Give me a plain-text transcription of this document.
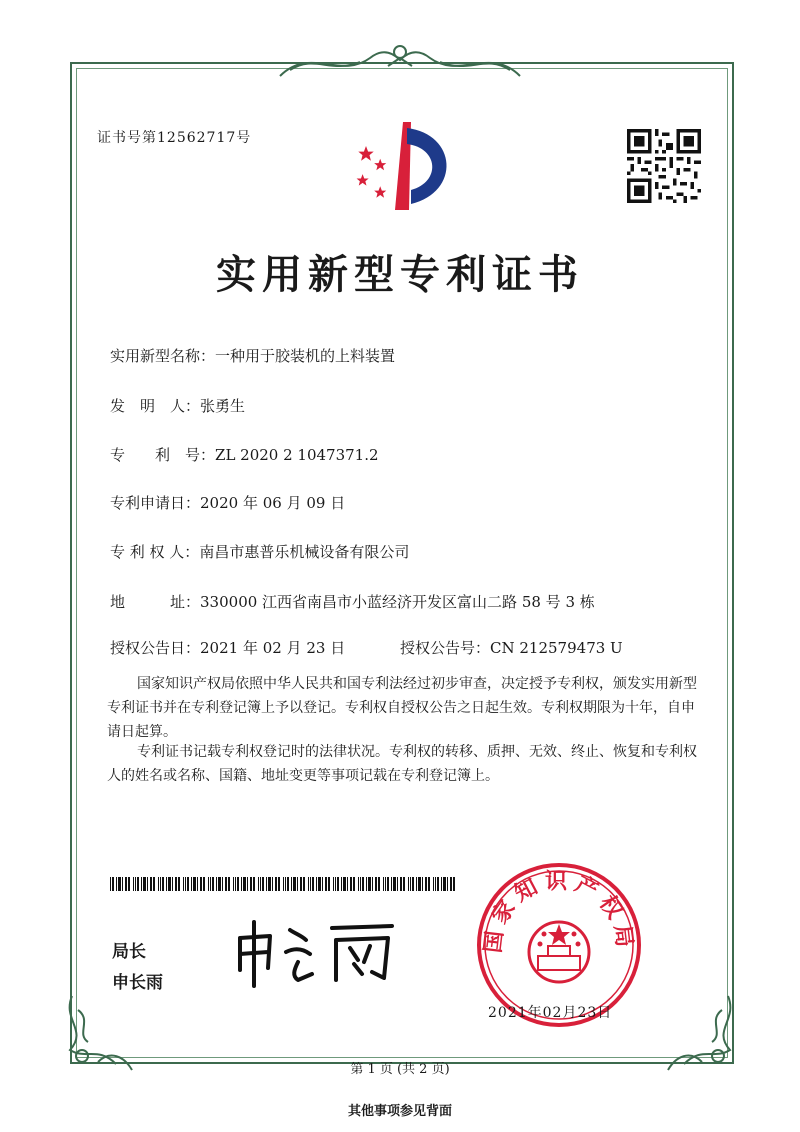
证书号第12562717号
实用新型专利证书
实用新型名称：一种用于胶装机的上料装置
发　明　人：张勇生
专　　利　号：ZL 2020 2 1047371.2
专利申请日：2020 年 06 月 09 日
专 利 权 人：南昌市惠普乐机械设备有限公司
地　　　址：330000 江西省南昌市小蓝经济开发区富山二路 58 号 3 栋
授权公告日：2021 年 02 月 23 日	授权公告号：CN 212579473 U
国家知识产权局依照中华人民共和国专利法经过初步审查，决定授予专利权，颁发实用新型专利证书并在专利登记簿上予以登记。专利权自授权公告之日起生效。专利权期限为十年，自申请日起算。
专利证书记载专利权登记时的法律状况。专利权的转移、质押、无效、终止、恢复和专利权人的姓名或名称、国籍、地址变更等事项记载在专利登记簿上。
局长
申长雨
国家知识产权局
2021年02月23日
第 1 页 (共 2 页)
其他事项参见背面
